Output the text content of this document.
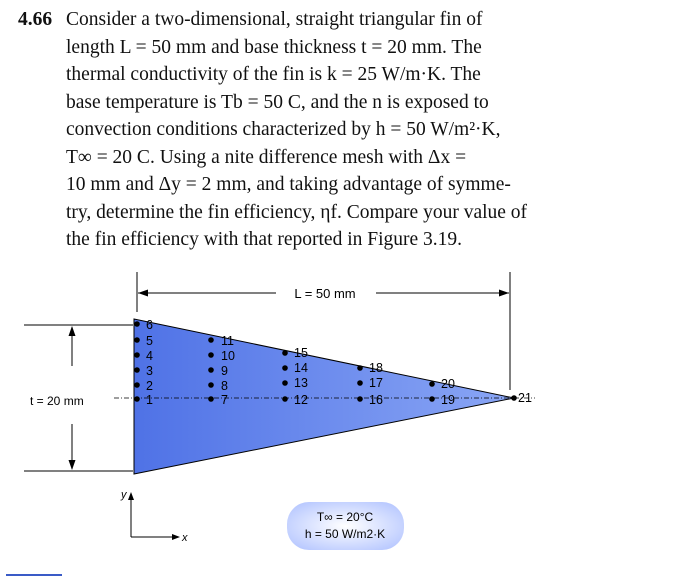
4.66 Consider a two-dimensional, straight triangular fin of
length L = 50 mm and base thickness t = 20 mm. The
thermal conductivity of the fin is k = 25 W/m·K. The
base temperature is Tb = 50 C, and the n is exposed to
convection conditions characterized by h = 50 W/m²·K,
T∞ = 20 C. Using a nite difference mesh with Δx =
10 mm and Δy = 2 mm, and taking advantage of symme-
try, determine the fin efficiency, ηf. Compare your value of
the fin efficiency with that reported in Figure 3.19.
L = 50 mm
t = 20 mm
6
5
4
3
2
1
11
10
9
8
7
15
14
13
12
18
17
16
20
19	21
y
x
T∞ = 20°C
h = 50 W/m2·K
